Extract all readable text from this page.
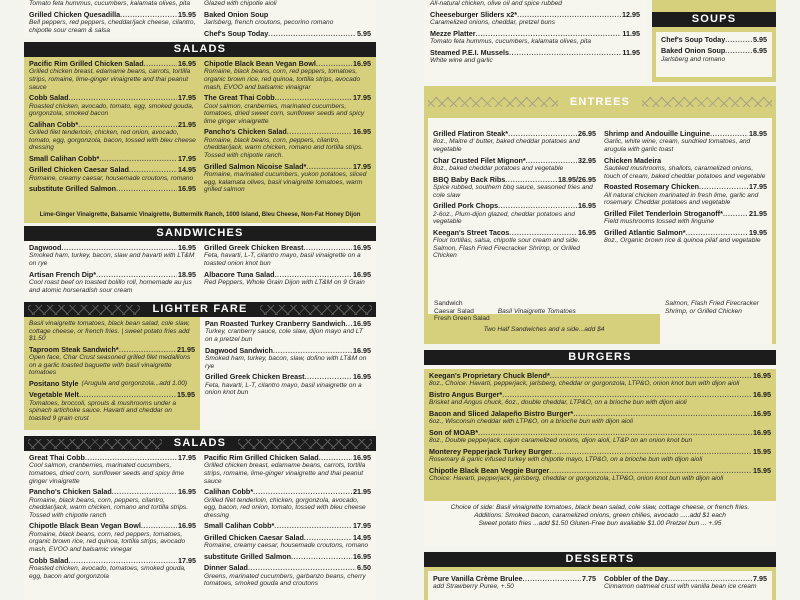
Tomato feta hummus, cucumbers, kalamata olives, pita
Grilled Chicken Quesadilla .....	15.95
Bell peppers, red peppers, cheddar/jack cheese, cilantro, chipotle sour cream & salsa
Glazed with chipotle aioli
Baked Onion Soup
Jarlsberg, french croutons, pecorino romano
Chef's Soup Today .....	5.95
SALADS
Pacific Rim Grilled Chicken Salad .....	16.95
Grilled chicken breast, edamame beans, carrots, tortilla strips, romaine, lime-ginger vinaigrette and thai peanut sauce
Cobb Salad .....	17.95
Roasted chicken, avocado, tomato, egg, smoked gouda, gorgonzola, smoked bacon
Calihan Cobb* .....	21.95
Grilled filet tenderloin, chicken, red onion, avocado, tomato, egg, gorgonzola, bacon, tossed with bleu cheese dressing
Small Calihan Cobb* .....	17.95
Grilled Chicken Caesar Salad .....	14.95
Romaine, creamy caesar, housemade croutons, romano
substitute Grilled Salmon .....	16.95
Chipotle Black Bean Vegan Bowl .....	16.95
Romaine, black beans, corn, red peppers, tomatoes, organic brown rice, red quinoa, tortilla strips, avocado mash, EVOO and balsamic vinaigrar
The Great Thai Cobb .....	17.95
Cool salmon, cranberries, marinated cucumbers, tomatoes, dried sweet corn, sunflower seeds and spicy lime ginger vinaigrette
Pancho's Chicken Salad .....	16.95
Romaine, black beans, corn, peppers, cilantro, cheddar/jack, warm chicken, romano and tortilla strips. Tossed with chipotle ranch.
Grilled Salmon Nicoise Salad* .....	17.95
Romaine, marinated cucumbers, yukon potatoes, sliced egg, kalamata olives, basil vinaigrette tomatoes, warm grilled salmon
Lime-Ginger Vinaigrette, Balsamic Vinaigrette, Buttermilk Ranch, 1000 Island, Bleu Cheese, Non-Fat Honey Dijon
SANDWICHES
Dagwood .....	16.95
Smoked ham, turkey, bacon, slaw and havarti with LT&M on rye
Artisan French Dip* .....	18.95
Cool roast beef on toasted bolillo roll, homemade au jus and atomic horseradish sour cream
Grilled Greek Chicken Breast .....	16.95
Feta, havarti, L-T, cilantro mayo, basil vinaigrette on a toasted onion knot bun
Albacore Tuna Salad .....	16.95
Red Peppers, Whole Grain Dijon with LT&M on 9 Grain
LIGHTER FARE
Basil vinaigrette tomatoes, black bean salad, cole slaw, cottage cheese, or french fries. | sweet potato fries add $1.50
Taproom Steak Sandwich* .....	21.95
Open face, Char Crust seasoned grilled filet medallions on a garlic toasted baguette with basil vinaigrette tomatoes
Positano Style (Arugula and gorgonzola...add 1.00)
Vegetable Melt .....	15.95
Tomatoes, broccoli, sprouts & mushrooms under a spinach artichoke sauce. Havarti and cheddar on toasted 9 grain crust
Pan Roasted Turkey Cranberry Sandwich ..... 16.95
Turkey, cranberry sauce, cole slaw, dijon mayo and LT on a pretzel bun
Dagwood Sandwich .....	16.95
Smoked ham, turkey, bacon, slaw, dofino with LT&M on rye
Grilled Greek Chicken Breast .....	16.95
Feta, havarti, L-T, cilantro mayo, basil vinaigrette on a onion knot bun
SALADS
Great Thai Cobb .....	17.95
Cool salmon, cranberries, marinated cucumbers, tomatoes, dried corn, sunflower seeds and spicy lime ginger vinaigrette
Pancho's Chicken Salad .....	16.95
Romaine, black beans, corn, peppers, cilantro, cheddar/jack, warm chicken, romano and tortilla strips. Tossed with chipotle ranch
Chipotle Black Bean Vegan Bowl .....	16.95
Romaine, black beans, corn, red peppers, tomatoes, organic brown rice, red quinoa, tortilla strips, avocado mash, EVOO and balsamic vinegar
Cobb Salad .....	17.95
Roasted chicken, avocado, tomatoes, smoked gouda, egg, bacon and gorgonzola
Pacific Rim Grilled Chicken Salad .....	16.95
Grilled chicken breast, edamame beans, carrots, tortilla strips, romaine, lime-ginger vinaigrette and thai peanut sauce
Calihan Cobb* .....	21.95
Grilled filet tenderloin, chicken, gorgonzola, avocado, egg, bacon, red onion, tomato, tossed with bleu cheese dressing
Small Calihan Cobb* .....	17.95
Grilled Chicken Caesar Salad .....	14.95
Romaine, creamy caesar, housemade croutons, romano
substitute Grilled Salmon .....	16.95
Dinner Salad .....	6.50
Greens, marinated cucumbers, garbanzo beans, cherry tomatoes, smoked gouda and croutons
All-natural chicken, olive oil and spice rubbed
Cheeseburger Sliders x2* .....	12.95
Caramelized onions, cheddar, pretzel buns
Mezze Platter .....	11.95
Tomato feta hummus, cucumbers, kalamata olives, pita
Steamed P.E.I. Mussels .....	11.95
White wine and garlic
SOUPS
Chef's Soup Today .....	5.95
Baked Onion Soup .....	6.95
Jarlsberg and romano
ENTREES
Grilled Flatiron Steak* .....	26.95
8oz., Maitre d' butter, baked cheddar potatoes and vegetable
Char Crusted Filet Mignon* .....	32.95
8oz., baked cheddar potatoes and vegetable
BBQ Baby Back Ribs .....	18.95/26.95
Spice rubbed, southern bbq sauce, seasoned fries and cole slaw
Grilled Pork Chops .....	16.95
2-6oz., Plum-dijon glazed, cheddar potatoes and vegetable
Keegan's Street Tacos .....	16.95
Flour tortillas, salsa, chipotle sour cream and side. Salmon, Flash Fried Firecracker Shrimp, or Grilled Chicken
Shrimp and Andouille Linguine .....	18.95
Garlic, white wine, cream, sundried tomatoes, and arugula with garlic toast
Chicken Madeira
Sautéed mushrooms, shallots, caramelized onions, touch of cream, baked cheddar potatoes and vegetable
Roasted Rosemary Chicken .....	17.95
All natural chicken marinated in fresh lime, garlic and rosemary. Cheddar potatoes and vegetable
Grilled Filet Tenderloin Stroganoff* .....	21.95
Field mushrooms tossed with linguine
Grilled Atlantic Salmon* .....	19.95
8oz., Organic brown rice & quinoa pilaf and vegetable
Sandwich
Caesar Salad
Fresh Green Salad
Basil Vinaigrette Tomatoes
Two Half Sandwiches and a side...add $4
Salmon, Flash Fried Firecracker Shrimp, or Grilled Chicken
BURGERS
Keegan's Proprietary Chuck Blend* .....	16.95
8oz., Choice: Havarti, pepperjack, jarlsberg, cheddar or gorgonzola, LTP&O, onion knot bun with dijon aioli
Bistro Angus Burger* .....	16.95
Brisket and Angus chuck, 6oz., double cheddar, LTP&O, on a brioche bun with dijon aioli
Bacon and Sliced Jalapeño Bistro Burger* .....	16.95
6oz., Wisconsin cheddar with LTP&O, on a brioche bun with dijon aioli
Son of MOAB* .....	16.95
8oz., Double pepperjack, cajun caramelized onions, dijon aioli, LT&P on an onion knot bun
Monterey Pepperjack Turkey Burger .....	15.95
Rosemary & garlic infused turkey with chipotle mayo, LTP&O, on a brioche bun with dijon aioli
Chipotle Black Bean Veggie Burger .....	15.95
Choice: Havarti, pepperjack, jarlsberg, cheddar or gorgonzola, LTP&O, onion knot bun with dijon aioli
Choice of side: Basil vinaigrette tomatoes, black bean salad, cole slaw, cottage cheese, or french fries.
Additions: Smoked bacon, caramelized onions, green chilies, avocado .....add $1 each
Sweet potato fries ...add $1.50 Gluten-Free bun available $1.00 Pretzel bun ... +.95
DESSERTS
Pure Vanilla Crème Brulee .....	7.75
add Strawberry Puree, +.50
Cobbler of the Day .....	7.95
Cinnamon oatmeal crust with vanilla bean ice cream
